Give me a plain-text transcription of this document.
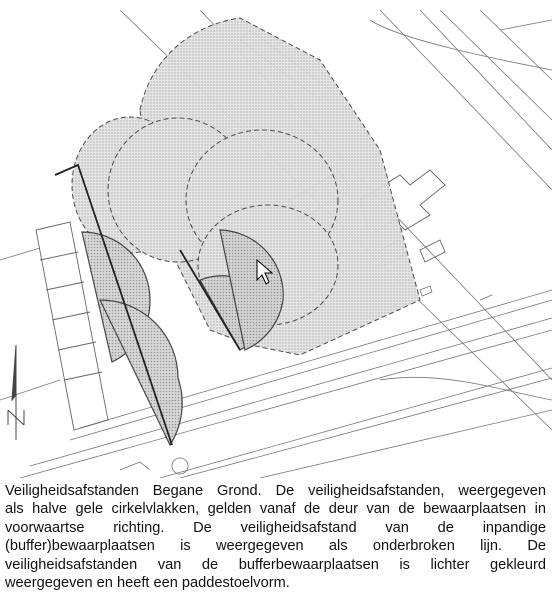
Veiligheidsafstanden Begane Grond. De veiligheidsafstanden, weergegeven
als halve gele cirkelvlakken, gelden vanaf de deur van de bewaarplaatsen in
voorwaartse richting. De veiligheidsafstand van de inpandige
(buffer)bewaarplaatsen is weergegeven als onderbroken lijn. De
veiligheidsafstanden van de bufferbewaarplaatsen is lichter gekleurd
weergegeven en heeft een paddestoelvorm.
